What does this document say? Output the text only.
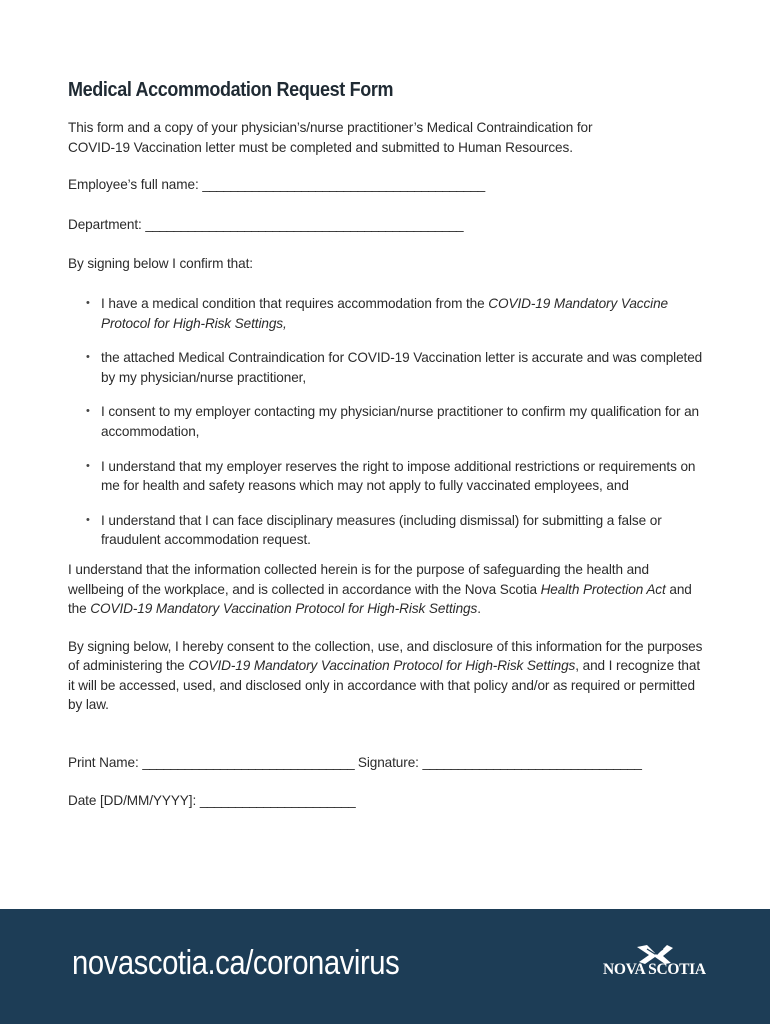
Medical Accommodation Request Form

This form and a copy of your physician’s/nurse practitioner’s Medical Contraindication for
COVID-19 Vaccination letter must be completed and submitted to Human Resources.

Employee’s full name: ________________________________________

Department: _____________________________________________

By signing below I confirm that:

• I have a medical condition that requires accommodation from the COVID-19 Mandatory Vaccine Protocol for High-Risk Settings,
• the attached Medical Contraindication for COVID-19 Vaccination letter is accurate and was completed by my physician/nurse practitioner,
• I consent to my employer contacting my physician/nurse practitioner to confirm my qualification for an accommodation,
• I understand that my employer reserves the right to impose additional restrictions or requirements on me for health and safety reasons which may not apply to fully vaccinated employees, and
• I understand that I can face disciplinary measures (including dismissal) for submitting a false or fraudulent accommodation request.

I understand that the information collected herein is for the purpose of safeguarding the health and wellbeing of the workplace, and is collected in accordance with the Nova Scotia Health Protection Act and the COVID-19 Mandatory Vaccination Protocol for High-Risk Settings.

By signing below, I hereby consent to the collection, use, and disclosure of this information for the purposes of administering the COVID-19 Mandatory Vaccination Protocol for High-Risk Settings, and I recognize that it will be accessed, used, and disclosed only in accordance with that policy and/or as required or permitted by law.

Print Name: ______________________________ Signature: _______________________________

Date [DD/MM/YYYY]: ______________________

novascotia.ca/coronavirus	NOVA SCOTIA
